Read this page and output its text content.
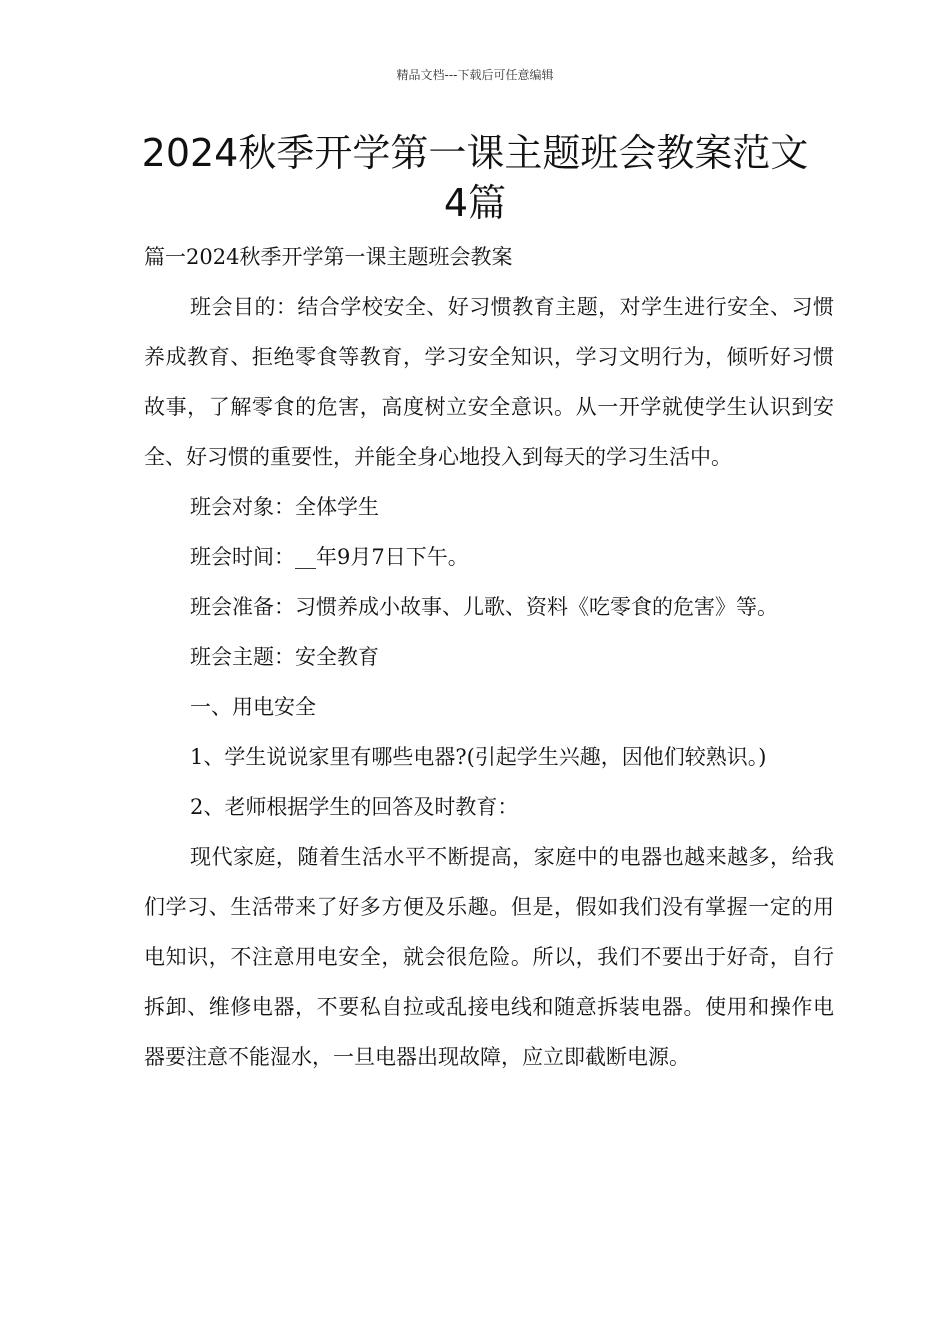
精品文档---下载后可任意编辑
2024秋季开学第一课主题班会教案范文
4篇

篇一2024秋季开学第一课主题班会教案

班会目的：结合学校安全、好习惯教育主题，对学生进行安全、习惯养成教育、拒绝零食等教育，学习安全知识，学习文明行为，倾听好习惯故事，了解零食的危害，高度树立安全意识。从一开学就使学生认识到安全、好习惯的重要性，并能全身心地投入到每天的学习生活中。

班会对象：全体学生

班会时间：__年9月7日下午。

班会准备：习惯养成小故事、儿歌、资料《吃零食的危害》等。

班会主题：安全教育

一、用电安全

1、学生说说家里有哪些电器?(引起学生兴趣，因他们较熟识。)

2、老师根据学生的回答及时教育：

现代家庭，随着生活水平不断提高，家庭中的电器也越来越多，给我们学习、生活带来了好多方便及乐趣。但是，假如我们没有掌握一定的用电知识，不注意用电安全，就会很危险。所以，我们不要出于好奇，自行拆卸、维修电器，不要私自拉或乱接电线和随意拆装电器。使用和操作电器要注意不能湿水，一旦电器出现故障，应立即截断电源。
